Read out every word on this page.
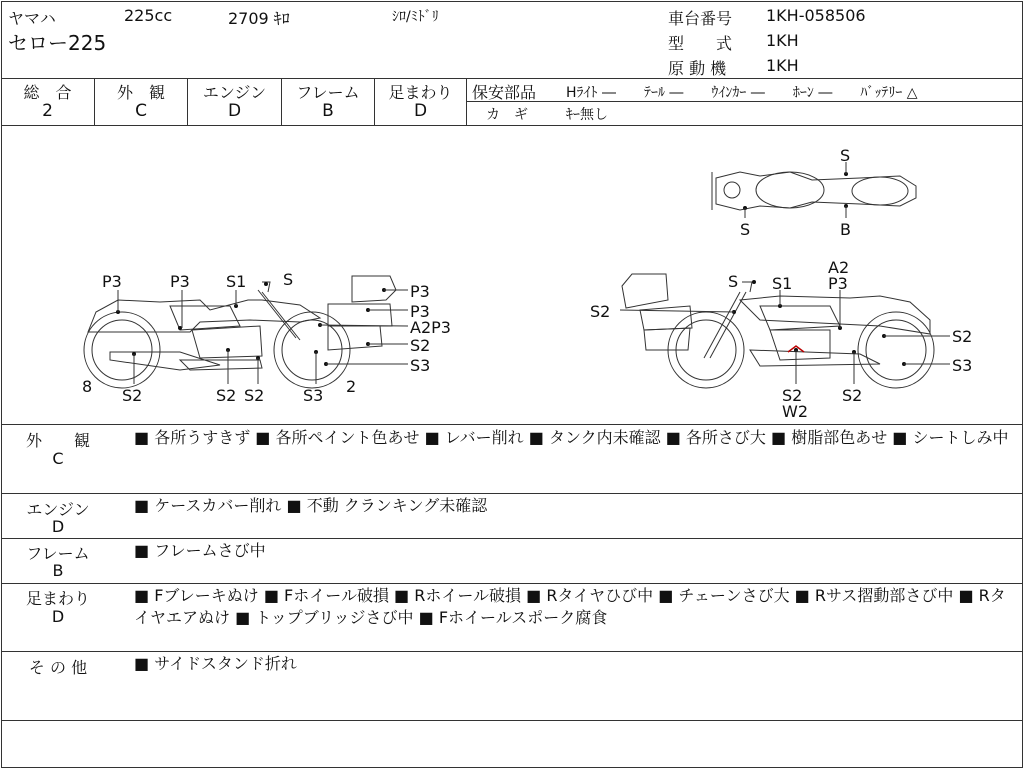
ヤマハ	225cc	2709 ｷﾛ	ｼﾛ/ﾐﾄﾞﾘ
セロー225
車台番号 1KH-058506
型　　式 1KH
原 動 機 1KH
総　合
2
外　観
C
エンジン
D
フレーム
B
足まわり
D
保安部品 Hﾗｲﾄ ―　　ﾃｰﾙ ―　　ｳｲﾝｶｰ ―　　ﾎｰﾝ ―　　ﾊﾞｯﾃﾘｰ △
カ　ギ	ｷｰ無し
P3	P3 S1 S
P3
P3
A2P3
S2
S3
8 S2	S2 S2 S3 2
S
S	B
A2
P3
S S1
S2
S2
S3
S2
W2
S2
外　　観
C
■ 各所うすきず ■ 各所ペイント色あせ ■ レバー削れ ■ タンク内未確認 ■ 各所さび大 ■ 樹脂部色あせ ■ シートしみ中
エンジン
D
■ ケースカバー削れ ■ 不動 クランキング未確認
フレーム
B
■ フレームさび中
足まわり
D
■ Fブレーキぬけ ■ Fホイール破損 ■ Rホイール破損 ■ Rタイヤひび中 ■ チェーンさび大 ■ Rサス摺動部さび中 ■ Rタイヤエアぬけ ■ トップブリッジさび中 ■ Fホイールスポーク腐食
そ の 他	■ サイドスタンド折れ
